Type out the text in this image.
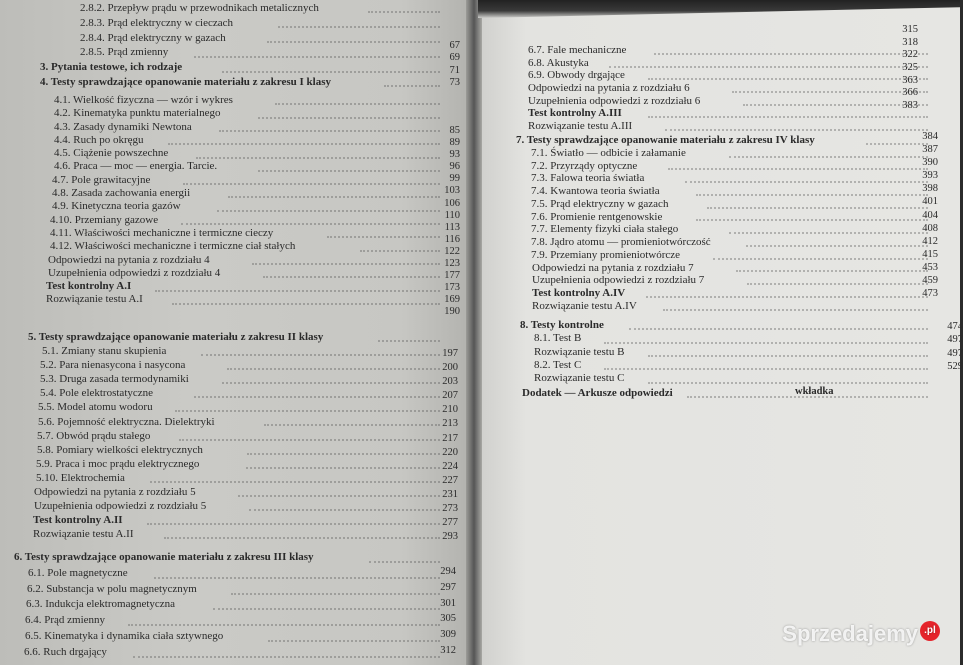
2.8.2. Przepływ prądu w przewodnikach metalicznych
2.8.3. Prąd elektryczny w cieczach
2.8.4. Prąd elektryczny w gazach
2.8.5. Prąd zmienny
3. Pytania testowe, ich rodzaje
4. Testy sprawdzające opanowanie materiału z zakresu I klasy
4.1. Wielkość fizyczna — wzór i wykres
4.2. Kinematyka punktu materialnego
4.3. Zasady dynamiki Newtona
4.4. Ruch po okręgu
4.5. Ciążenie powszechne
4.6. Praca — moc — energia. Tarcie.
4.7. Pole grawitacyjne
4.8. Zasada zachowania energii
4.9. Kinetyczna teoria gazów
4.10. Przemiany gazowe
4.11. Właściwości mechaniczne i termiczne cieczy
4.12. Właściwości mechaniczne i termiczne ciał stałych
Odpowiedzi na pytania z rozdziału 4
Uzupełnienia odpowiedzi z rozdziału 4
Test kontrolny A.I
Rozwiązanie testu A.I
5. Testy sprawdzające opanowanie materiału z zakresu II klasy
5.1. Zmiany stanu skupienia
5.2. Para nienasycona i nasycona
5.3. Druga zasada termodynamiki
5.4. Pole elektrostatyczne
5.5. Model atomu wodoru
5.6. Pojemność elektryczna. Dielektryki
5.7. Obwód prądu stałego
5.8. Pomiary wielkości elektrycznych
5.9. Praca i moc prądu elektrycznego
5.10. Elektrochemia
Odpowiedzi na pytania z rozdziału 5
Uzupełnienia odpowiedzi z rozdziału 5
Test kontrolny A.II
Rozwiązanie testu A.II
6. Testy sprawdzające opanowanie materiału z zakresu III klasy
6.1. Pole magnetyczne
6.2. Substancja w polu magnetycznym
6.3. Indukcja elektromagnetyczna
6.4. Prąd zmienny
6.5. Kinematyka i dynamika ciała sztywnego
6.6. Ruch drgający
67
69
71
73
85
89
93
96
99
103
106
110
113
116
122
123
177
173
169
190
197
200
203
207
210
213
217
220
224
227
231
273
277
293
294
297
301
305
309
312
6.7. Fale mechaniczne
6.8. Akustyka
6.9. Obwody drgające
Odpowiedzi na pytania z rozdziału 6
Uzupełnienia odpowiedzi z rozdziału 6
Test kontrolny A.III
Rozwiązanie testu A.III
7. Testy sprawdzające opanowanie materiału z zakresu IV klasy
7.1. Światło — odbicie i załamanie
7.2. Przyrządy optyczne
7.3. Falowa teoria światła
7.4. Kwantowa teoria światła
7.5. Prąd elektryczny w gazach
7.6. Promienie rentgenowskie
7.7. Elementy fizyki ciała stałego
7.8. Jądro atomu — promieniotwórczość
7.9. Przemiany promieniotwórcze
Odpowiedzi na pytania z rozdziału 7
Uzupełnienia odpowiedzi z rozdziału 7
Test kontrolny A.IV
Rozwiązanie testu A.IV
8. Testy kontrolne
8.1. Test B
Rozwiązanie testu B
8.2. Test C
Rozwiązanie testu C
Dodatek — Arkusze odpowiedzi
315
318
322
325
363
366
383
384
387
390
393
398
401
404
408
412
415
453
459
473
474
497
497
529
wkładka
Sprzedajemy .pl
